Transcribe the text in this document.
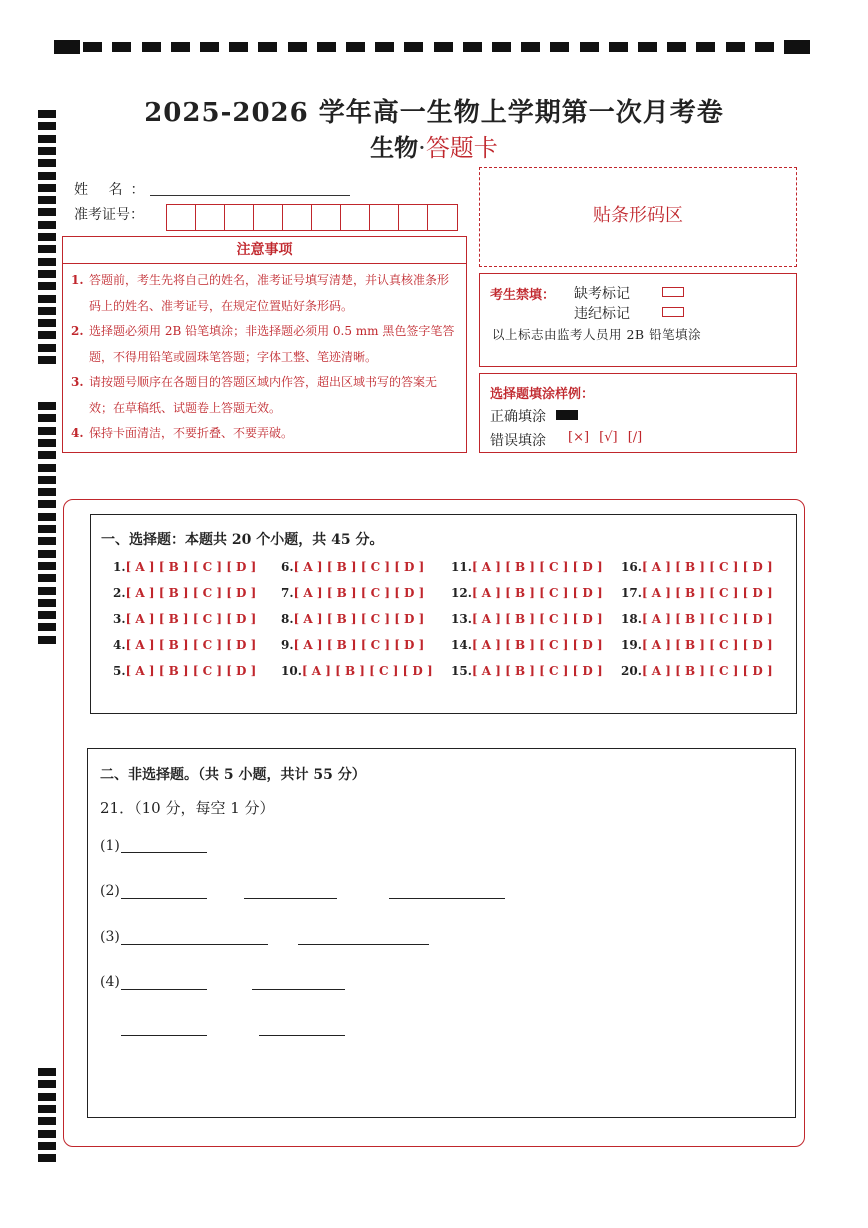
2025-2026 学年高一生物上学期第一次月考卷
生物·答题卡
姓 名：
准考证号：
注意事项
1. 答题前，考生先将自己的姓名，准考证号填写清楚，并认真核准条形码上的姓名、准考证号，在规定位置贴好条形码。
2. 选择题必须用 2B 铅笔填涂；非选择题必须用 0.5 mm 黑色签字笔答题，不得用铅笔或圆珠笔答题；字体工整、笔迹清晰。
3. 请按题号顺序在各题目的答题区域内作答，超出区域书写的答案无效；在草稿纸、试题卷上答题无效。
4. 保持卡面清洁，不要折叠、不要弄破。
贴条形码区
考生禁填： 缺考标记
违纪标记
以上标志由监考人员用 2B 铅笔填涂
选择题填涂样例：
正确填涂
错误填涂 [×] [√] [/]
一、选择题：本题共 20 个小题，共 45 分。
1.[ A ] [ B ] [ C ] [ D ]
2.[ A ] [ B ] [ C ] [ D ]
3.[ A ] [ B ] [ C ] [ D ]
4.[ A ] [ B ] [ C ] [ D ]
5.[ A ] [ B ] [ C ] [ D ]
6.[ A ] [ B ] [ C ] [ D ]
7.[ A ] [ B ] [ C ] [ D ]
8.[ A ] [ B ] [ C ] [ D ]
9.[ A ] [ B ] [ C ] [ D ]
10.[ A ] [ B ] [ C ] [ D ]
11.[ A ] [ B ] [ C ] [ D ]
12.[ A ] [ B ] [ C ] [ D ]
13.[ A ] [ B ] [ C ] [ D ]
14.[ A ] [ B ] [ C ] [ D ]
15.[ A ] [ B ] [ C ] [ D ]
16.[ A ] [ B ] [ C ] [ D ]
17.[ A ] [ B ] [ C ] [ D ]
18.[ A ] [ B ] [ C ] [ D ]
19.[ A ] [ B ] [ C ] [ D ]
20.[ A ] [ B ] [ C ] [ D ]
二、非选择题。（共 5 小题，共计 55 分）
21．（10 分，每空 1 分）
(1)
(2)
(3)
(4)
